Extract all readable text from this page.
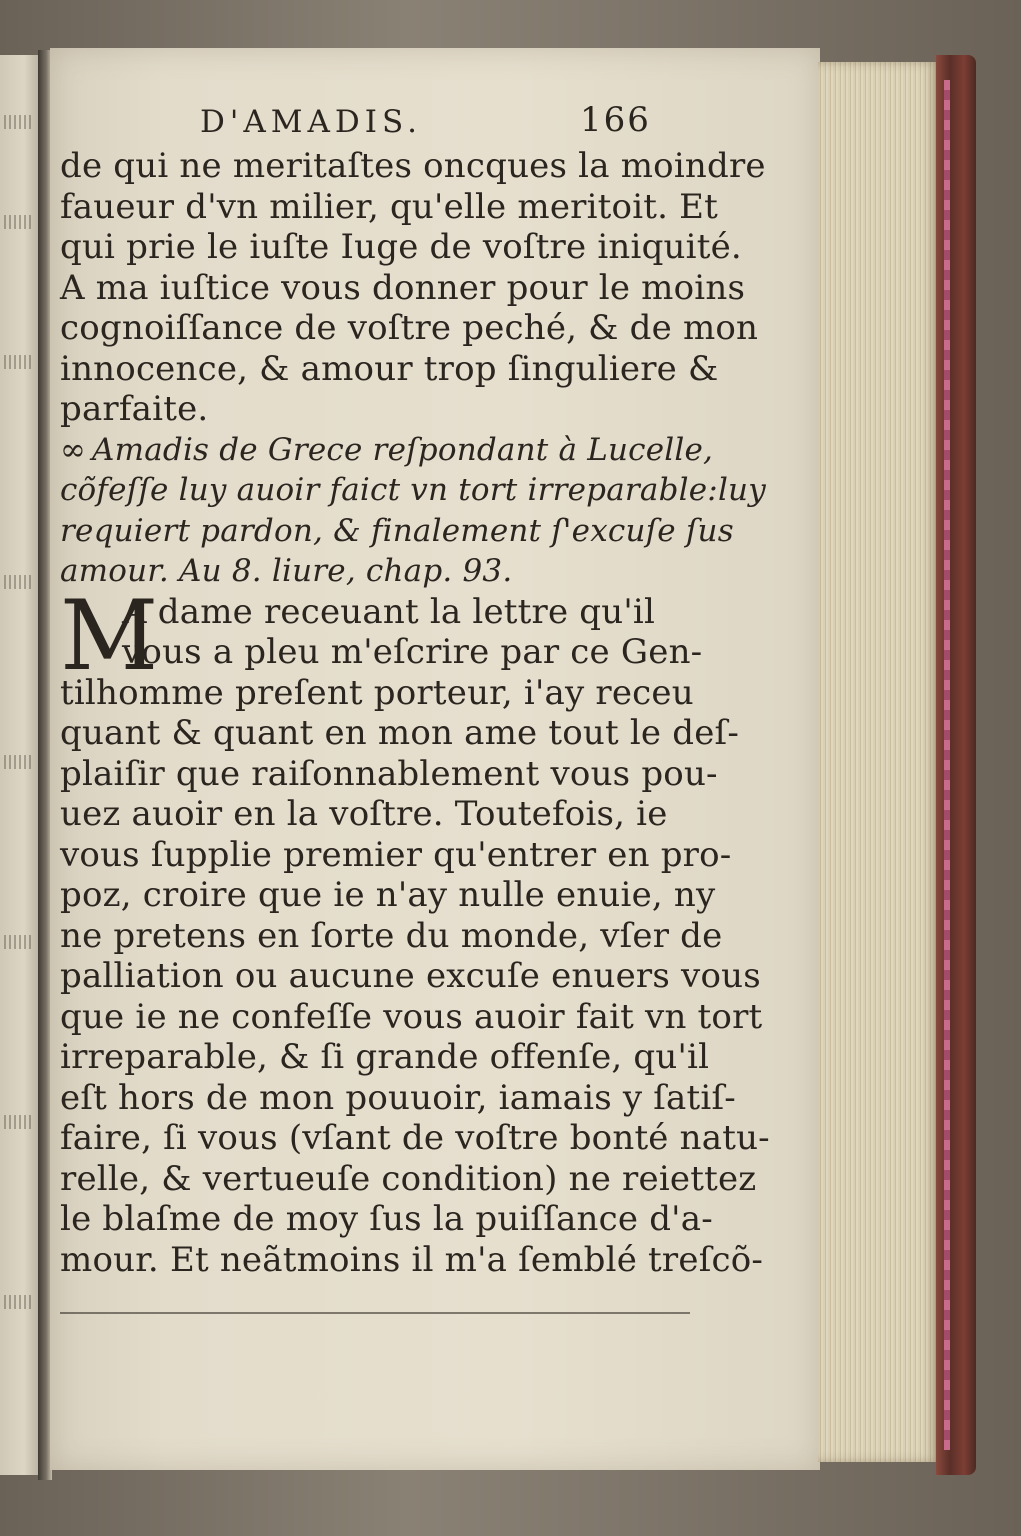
D'AMADIS.	166
de qui ne meritaſtes oncques la moindre
faueur d'vn milier, qu'elle meritoit. Et
qui prie le iuſte Iuge de voſtre iniquité.
A ma iuſtice vous donner pour le moins
cognoiſſance de voſtre peché, & de mon
innocence, & amour trop ſinguliere &
parfaite.
∞ Amadis de Grece reſpondant à Lucelle,
cõfeſſe luy auoir faict vn tort irreparable:luy
requiert pardon, & finalement ſ'excuſe ſus
amour. Au 8. liure, chap. 93.
M
A dame receuant la lettre qu'il
vous a pleu m'eſcrire par ce Gen-
tilhomme preſent porteur, i'ay receu
quant & quant en mon ame tout le deſ-
plaiſir que raiſonnablement vous pou-
uez auoir en la voſtre. Toutefois, ie
vous ſupplie premier qu'entrer en pro-
poz, croire que ie n'ay nulle enuie, ny
ne pretens en ſorte du monde, vſer de
palliation ou aucune excuſe enuers vous
que ie ne confeſſe vous auoir fait vn tort
irreparable, & ſi grande offenſe, qu'il
eſt hors de mon pouuoir, iamais y ſatiſ-
faire, ſi vous (vſant de voſtre bonté natu-
relle, & vertueuſe condition) ne reiettez
le blaſme de moy ſus la puiſſance d'a-
mour. Et neãtmoins il m'a ſemblé treſcõ-
